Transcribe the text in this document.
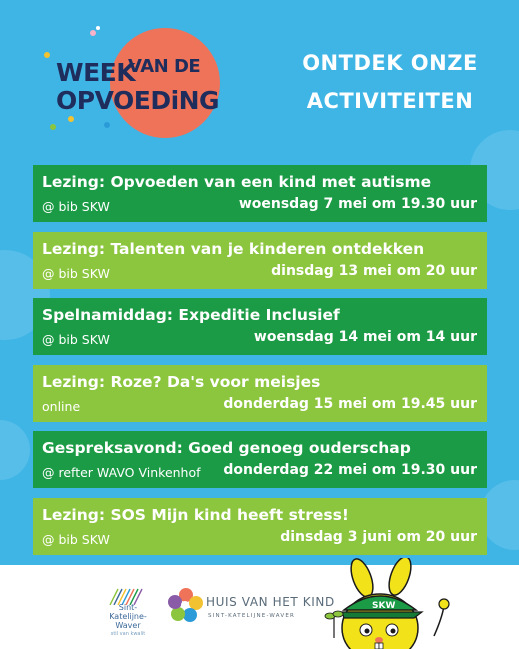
WEEK
VAN DE
OPVOEDiNG
ONTDEK ONZE
ACTIVITEITEN
Lezing: Opvoeden van een kind met autisme
@ bib SKW	woensdag 7 mei om 19.30 uur
Lezing: Talenten van je kinderen ontdekken
@ bib SKW	dinsdag 13 mei om 20 uur
Spelnamiddag: Expeditie Inclusief
@ bib SKW	woensdag 14 mei om 14 uur
Lezing: Roze? Da's voor meisjes
online	donderdag 15 mei om 19.45 uur
Gespreksavond: Goed genoeg ouderschap
@ refter WAVO Vinkenhof donderdag 22 mei om 19.30 uur
Lezing: SOS Mijn kind heeft stress!
@ bib SKW	dinsdag 3 juni om 20 uur
Sint-
Katelijne-
Waver
stil van kwalit
HUIS VAN HET KIND
SINT-KATELIJNE-WAVER
SKW
